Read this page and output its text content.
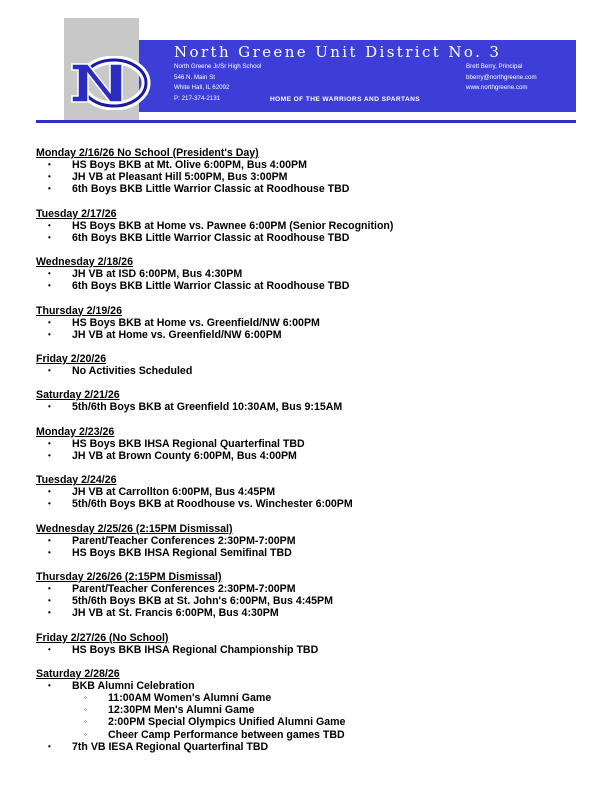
North Greene Unit District No. 3
North Greene Jr/Sr High School
546 N. Main St
White Hall, IL 62092
P: 217-374-2131
Brett Berry, Principal
bberry@northgreene.com
www.northgreene.com
HOME OF THE WARRIORS AND SPARTANS
Monday 2/16/26 No School (President's Day)
• HS Boys BKB at Mt. Olive 6:00PM, Bus 4:00PM
• JH VB at Pleasant Hill 5:00PM, Bus 3:00PM
• 6th Boys BKB Little Warrior Classic at Roodhouse TBD
Tuesday 2/17/26
• HS Boys BKB at Home vs. Pawnee 6:00PM (Senior Recognition)
• 6th Boys BKB Little Warrior Classic at Roodhouse TBD
Wednesday 2/18/26
• JH VB at ISD 6:00PM, Bus 4:30PM
• 6th Boys BKB Little Warrior Classic at Roodhouse TBD
Thursday 2/19/26
• HS Boys BKB at Home vs. Greenfield/NW 6:00PM
• JH VB at Home vs. Greenfield/NW 6:00PM
Friday 2/20/26
• No Activities Scheduled
Saturday 2/21/26
• 5th/6th Boys BKB at Greenfield 10:30AM, Bus 9:15AM
Monday 2/23/26
• HS Boys BKB IHSA Regional Quarterfinal TBD
• JH VB at Brown County 6:00PM, Bus 4:00PM
Tuesday 2/24/26
• JH VB at Carrollton 6:00PM, Bus 4:45PM
• 5th/6th Boys BKB at Roodhouse vs. Winchester 6:00PM
Wednesday 2/25/26 (2:15PM Dismissal)
• Parent/Teacher Conferences 2:30PM-7:00PM
• HS Boys BKB IHSA Regional Semifinal TBD
Thursday 2/26/26 (2:15PM Dismissal)
• Parent/Teacher Conferences 2:30PM-7:00PM
• 5th/6th Boys BKB at St. John's 6:00PM, Bus 4:45PM
• JH VB at St. Francis 6:00PM, Bus 4:30PM
Friday 2/27/26 (No School)
• HS Boys BKB IHSA Regional Championship TBD
Saturday 2/28/26
• BKB Alumni Celebration
◦ 11:00AM Women's Alumni Game
◦ 12:30PM Men's Alumni Game
◦ 2:00PM Special Olympics Unified Alumni Game
◦ Cheer Camp Performance between games TBD
• 7th VB IESA Regional Quarterfinal TBD
